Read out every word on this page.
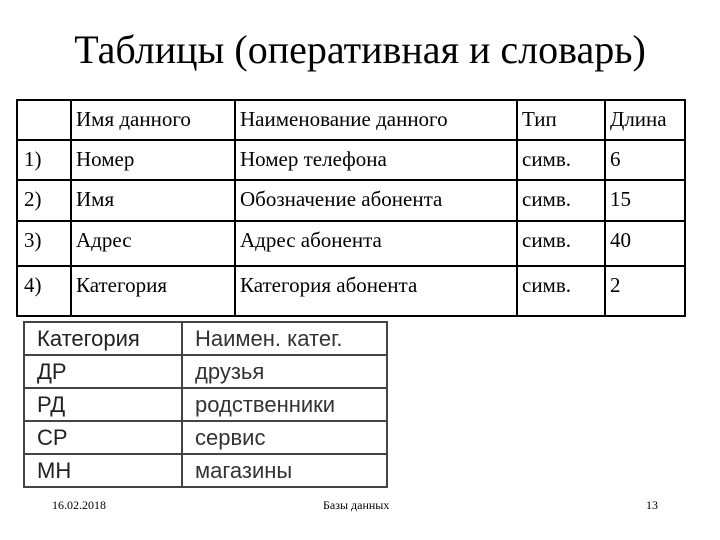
Таблицы (оперативная и словарь)
	Имя данного	Наименование данного	Тип	Длина
1)	Номер	Номер телефона	симв.	6
2)	Имя	Обозначение абонента	симв.	15
3)	Адрес	Адрес абонента	симв.	40
4)	Категория	Категория абонента	симв.	2
Категория	Наимен. катег.
ДР	друзья
РД	родственники
СР	сервис
МН	магазины
16.02.2018	Базы данных	13
